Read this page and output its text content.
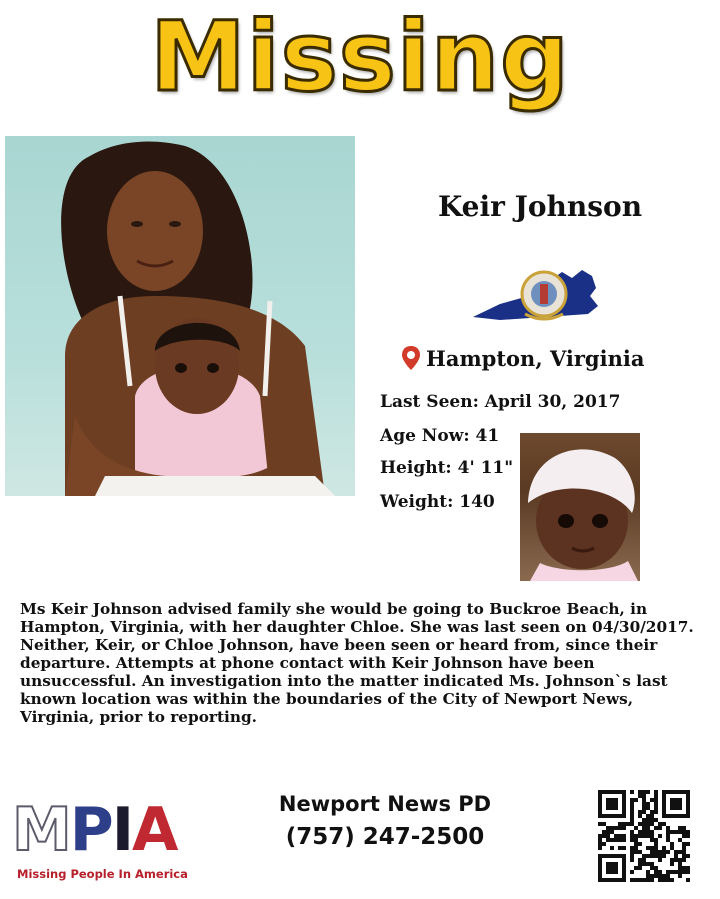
Missing
Keir Johnson
Hampton, Virginia
Last Seen: April 30, 2017
Age Now: 41
Height: 4' 11"
Weight: 140
Ms Keir Johnson advised family she would be going to Buckroe Beach, in Hampton, Virginia, with her daughter Chloe. She was last seen on 04/30/2017. Neither, Keir, or Chloe Johnson, have been seen or heard from, since their departure. Attempts at phone contact with Keir Johnson have been unsuccessful. An investigation into the matter indicated Ms. Johnson`s last known location was within the boundaries of the City of Newport News, Virginia, prior to reporting.
MPIA
Missing People In America
Newport News PD
(757) 247-2500
